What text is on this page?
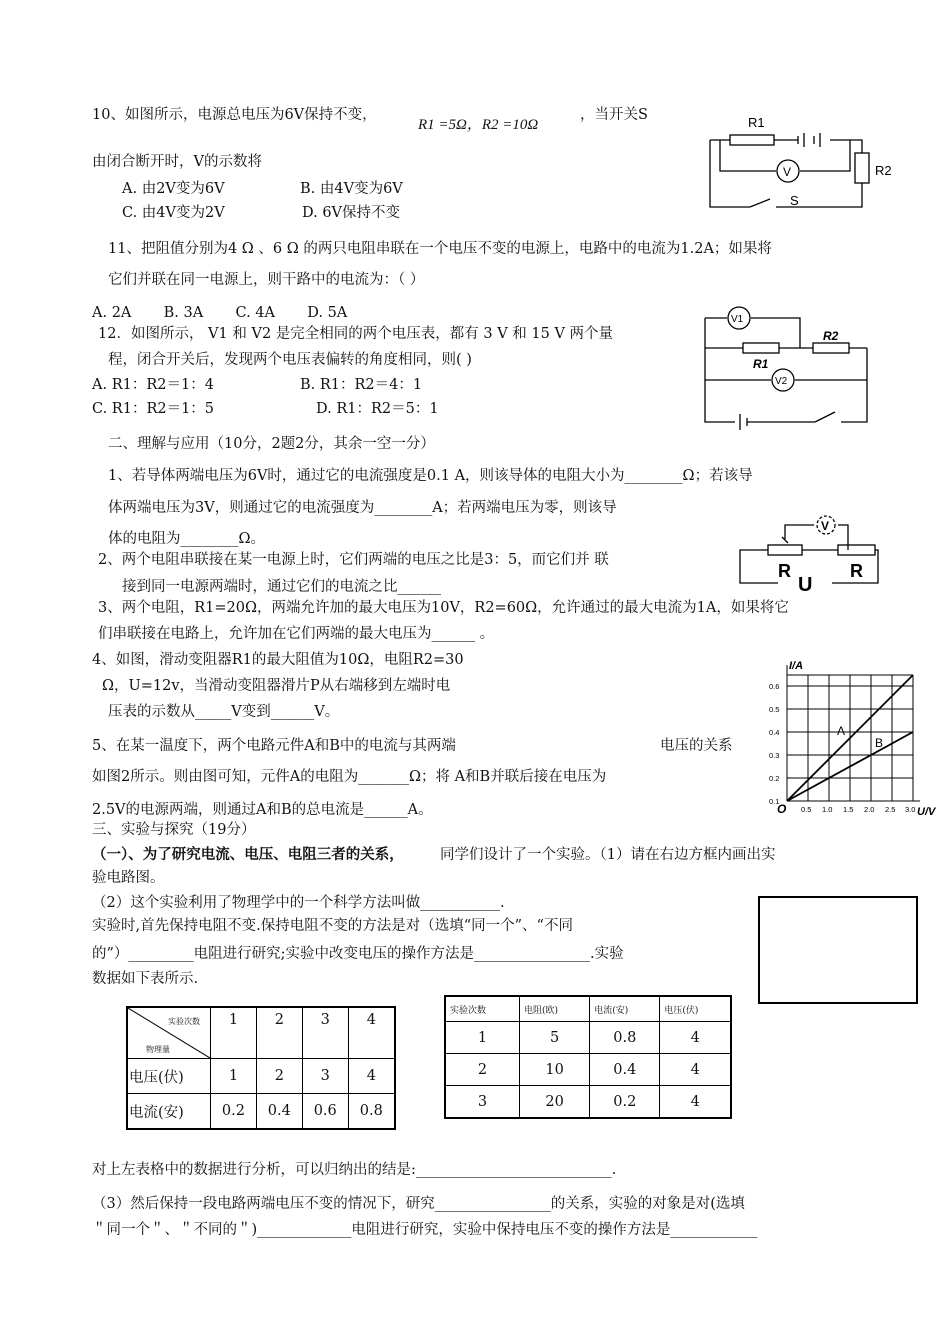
10、如图所示，电源总电压为6V保持不变，
R1 =5Ω，R2 =10Ω
，当开关S
由闭合断开时，V的示数将
A. 由2V变为6V	B. 由4V变为6V
C. 由4V变为2V	D. 6V保持不变
R1
R2
V
S
11、把阻值分别为4 Ω 、6 Ω 的两只电阻串联在一个电压不变的电源上，电路中的电流为1.2A；如果将
它们并联在同一电源上，则干路中的电流为：（ ）
A. 2A       B. 3A       C. 4A       D. 5A
12．如图所示， V1 和 V2 是完全相同的两个电压表，都有 3 V 和 15 V 两个量
程，闭合开关后，发现两个电压表偏转的角度相同，则( )
A. R1：R2＝1：4	B. R1：R2＝4：1
C. R1：R2＝1：5	D. R1：R2＝5：1
V1
V2
R1
R2
二、理解与应用（10分，2题2分，其余一空一分）
1、若导体两端电压为6V时，通过它的电流强度是0.1 A，则该导体的电阻大小为________Ω；若该导
体两端电压为3V，则通过它的电流强度为________A；若两端电压为零，则该导
体的电阻为________Ω。
2、两个电阻串联接在某一电源上时，它们两端的电压之比是3：5，而它们并 联
接到同一电源两端时，通过它们的电流之比______
3、两个电阻，R1=20Ω，两端允许加的最大电压为10V，R2=60Ω，允许通过的最大电流为1A，如果将它
们串联接在电路上，允许加在它们两端的最大电压为______ 。
4、如图，滑动变阻器R1的最大阻值为10Ω，电阻R2=30
Ω，U=12v，当滑动变阻器滑片P从右端移到左端时电
压表的示数从_____V变到______V。
5、在某一温度下，两个电路元件A和B中的电流与其两端	电压的关系
如图2所示。则由图可知，元件A的电阻为_______Ω；将 A和B并联后接在电压为
2.5V的电源两端，则通过A和B的总电流是______A。
V
R	R
U
I/A
U/V
O
0.6
0.5
0.4
0.3
0.2
0.1
0.5 1.0 1.5 2.0 2.5 3.0
A
B
三、实验与探究（19分）
（一）、为了研究电流、电压、电阻三者的关系，	同学们设计了一个实验。（1）请在右边方框内画出实
验电路图。
（2）这个实验利用了物理学中的一个科学方法叫做___________.
实验时,首先保持电阻不变.保持电阻不变的方法是对（选填“同一个”、“不同
的”）_________电阻进行研究;实验中改变电压的操作方法是________________.实验
数据如下表所示.
实验次数
物理量	1	2	3	4
电压(伏)	1	2	3	4
电流(安)	0.2	0.4	0.6	0.8
实验次数	电阻(欧)	电流(安)	电压(伏)
1	5	0.8	4
2	10	0.4	4
3	20	0.2	4
对上左表格中的数据进行分析，可以归纳出的结是:___________________________.
（3）然后保持一段电路两端电压不变的情况下，研究________________的关系，实验的对象是对(选填
＂同一个＂、＂不同的＂)_____________电阻进行研究，实验中保持电压不变的操作方法是____________
